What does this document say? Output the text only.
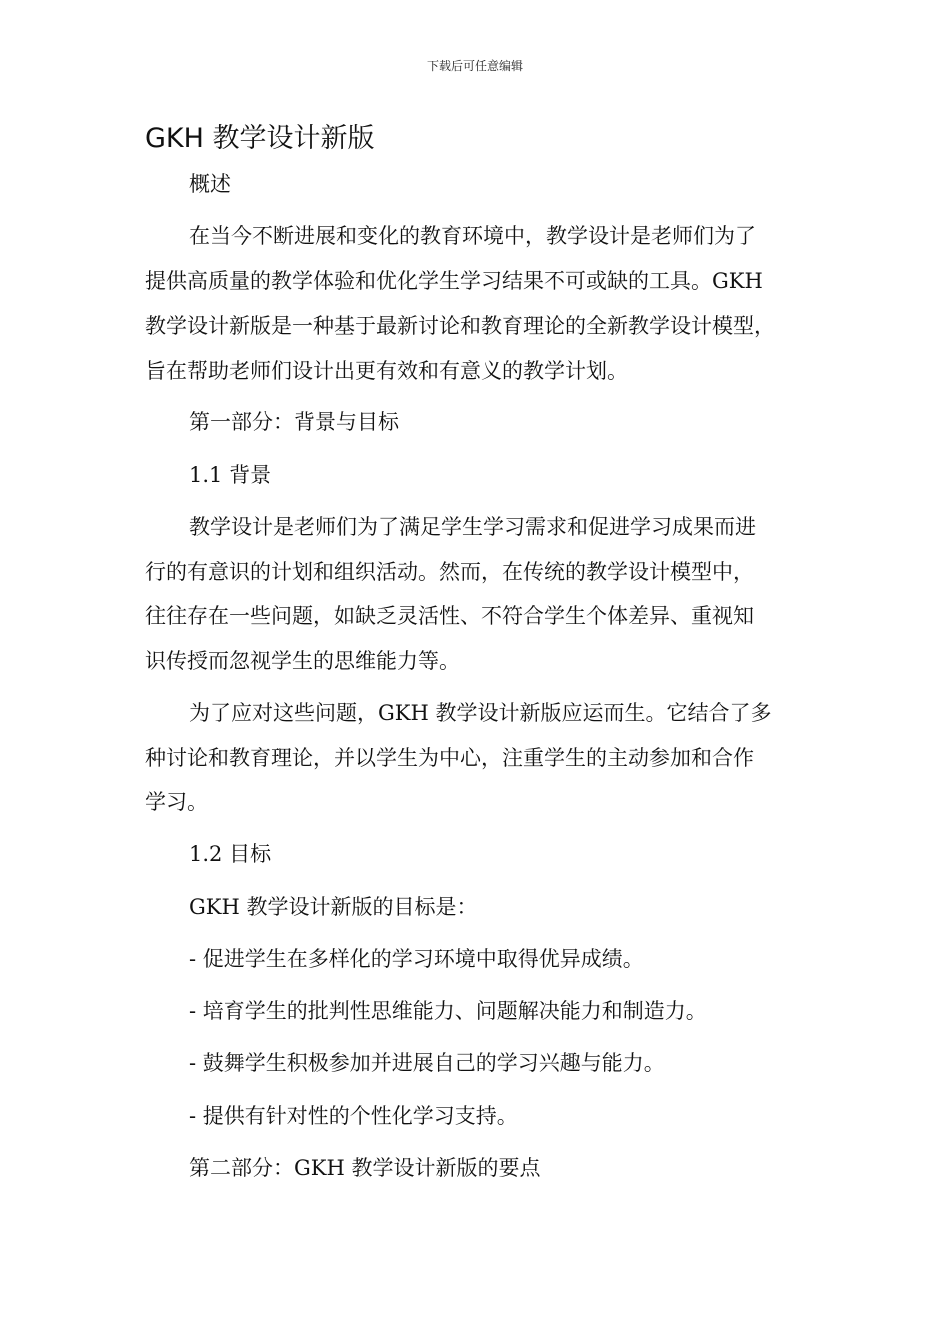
下载后可任意编辑
GKH 教学设计新版
概述
在当今不断进展和变化的教育环境中，教学设计是老师们为了
提供高质量的教学体验和优化学生学习结果不可或缺的工具。GKH
教学设计新版是一种基于最新讨论和教育理论的全新教学设计模型，
旨在帮助老师们设计出更有效和有意义的教学计划。
第一部分：背景与目标
1.1 背景
教学设计是老师们为了满足学生学习需求和促进学习成果而进
行的有意识的计划和组织活动。然而，在传统的教学设计模型中，
往往存在一些问题，如缺乏灵活性、不符合学生个体差异、重视知
识传授而忽视学生的思维能力等。
为了应对这些问题，GKH 教学设计新版应运而生。它结合了多
种讨论和教育理论，并以学生为中心，注重学生的主动参加和合作
学习。
1.2 目标
GKH 教学设计新版的目标是：
- 促进学生在多样化的学习环境中取得优异成绩。
- 培育学生的批判性思维能力、问题解决能力和制造力。
- 鼓舞学生积极参加并进展自己的学习兴趣与能力。
- 提供有针对性的个性化学习支持。
第二部分：GKH 教学设计新版的要点
